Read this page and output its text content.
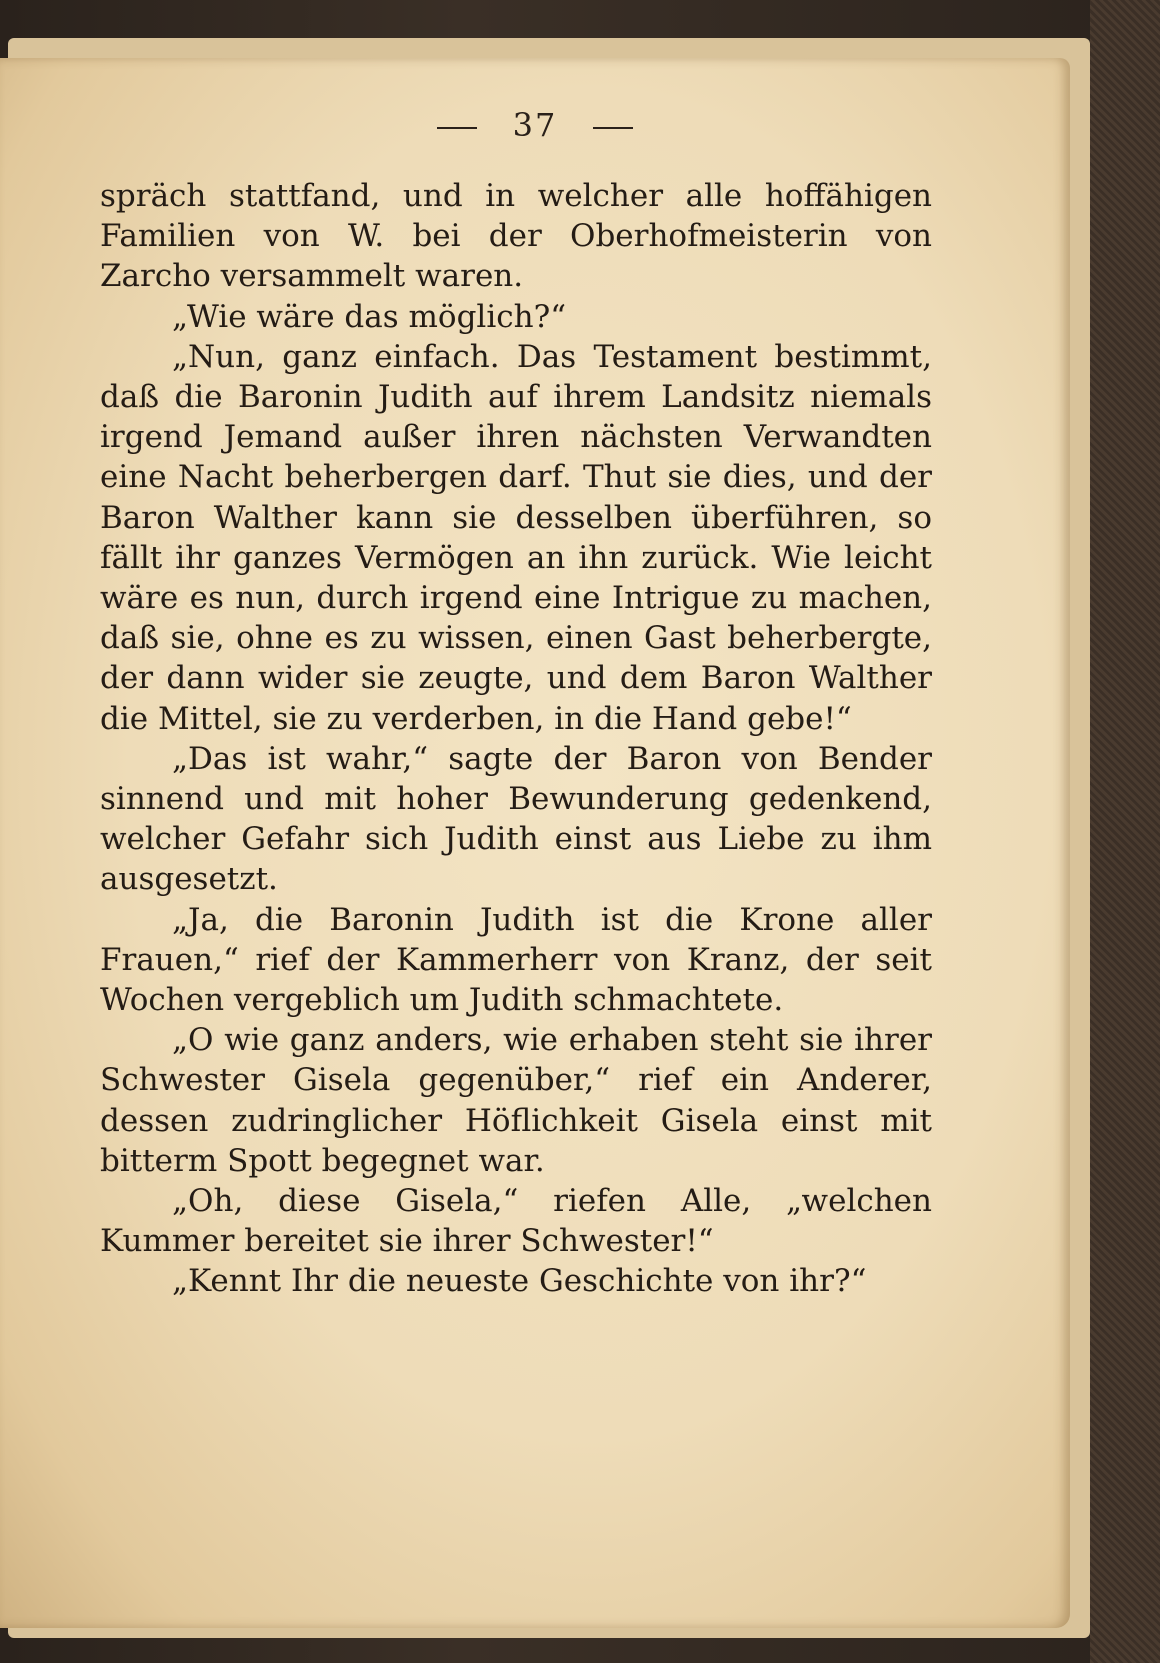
37

spräch stattfand, und in welcher alle hoffähigen Familien von W. bei der Oberhofmeisterin von Zarcho versammelt waren.

„Wie wäre das möglich?“

„Nun, ganz einfach. Das Testament bestimmt, daß die Baronin Judith auf ihrem Landsitz niemals irgend Jemand außer ihren nächsten Verwandten eine Nacht beherbergen darf. Thut sie dies, und der Baron Walther kann sie desselben überführen, so fällt ihr ganzes Vermögen an ihn zurück. Wie leicht wäre es nun, durch irgend eine Intrigue zu machen, daß sie, ohne es zu wissen, einen Gast beherbergte, der dann wider sie zeugte, und dem Baron Walther die Mittel, sie zu verderben, in die Hand gebe!“

„Das ist wahr,“ sagte der Baron von Bender sinnend und mit hoher Bewunderung gedenkend, welcher Gefahr sich Judith einst aus Liebe zu ihm ausgesetzt.

„Ja, die Baronin Judith ist die Krone aller Frauen,“ rief der Kammerherr von Kranz, der seit Wochen vergeblich um Judith schmachtete.

„O wie ganz anders, wie erhaben steht sie ihrer Schwester Gisela gegenüber,“ rief ein Anderer, dessen zudringlicher Höflichkeit Gisela einst mit bitterm Spott begegnet war.

„Oh, diese Gisela,“ riefen Alle, „welchen Kummer bereitet sie ihrer Schwester!“

„Kennt Ihr die neueste Geschichte von ihr?“
